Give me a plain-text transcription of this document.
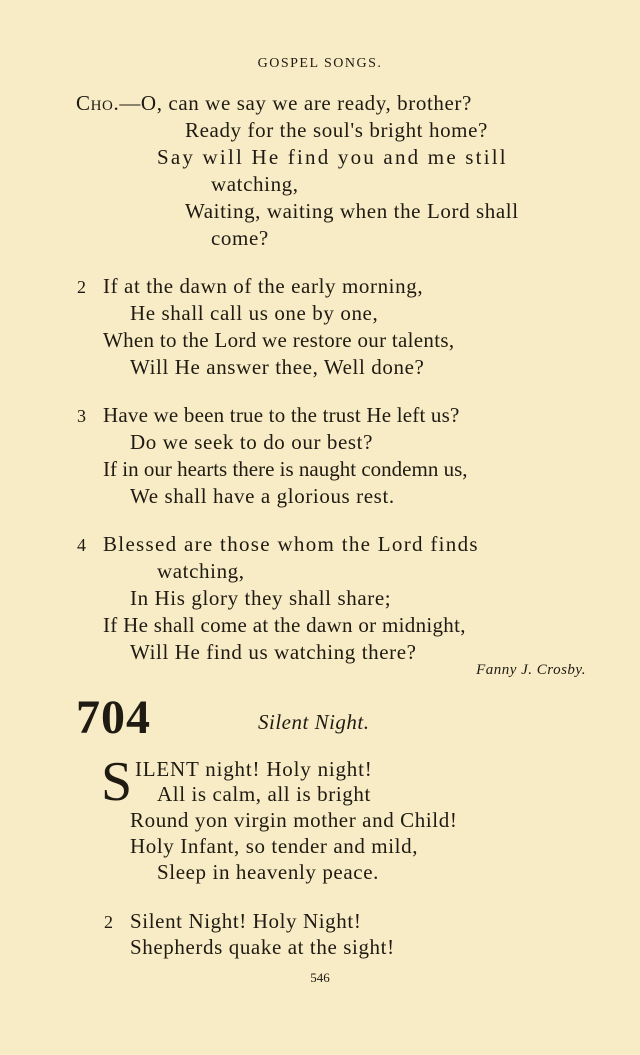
GOSPEL SONGS.
Cho.—O, can we say we are ready, brother?
Ready for the soul's bright home?
Say will He find you and me still
watching,
Waiting, waiting when the Lord shall
come?
2 If at the dawn of the early morning,
He shall call us one by one,
When to the Lord we restore our talents,
Will He answer thee, Well done?
3 Have we been true to the trust He left us?
Do we seek to do our best?
If in our hearts there is naught condemn us,
We shall have a glorious rest.
4 Blessed are those whom the Lord finds
watching,
In His glory they shall share;
If He shall come at the dawn or midnight,
Will He find us watching there?
Fanny J. Crosby.
704	Silent Night.
S ILENT night! Holy night!
All is calm, all is bright
Round yon virgin mother and Child!
Holy Infant, so tender and mild,
Sleep in heavenly peace.
2 Silent Night! Holy Night!
Shepherds quake at the sight!
546
